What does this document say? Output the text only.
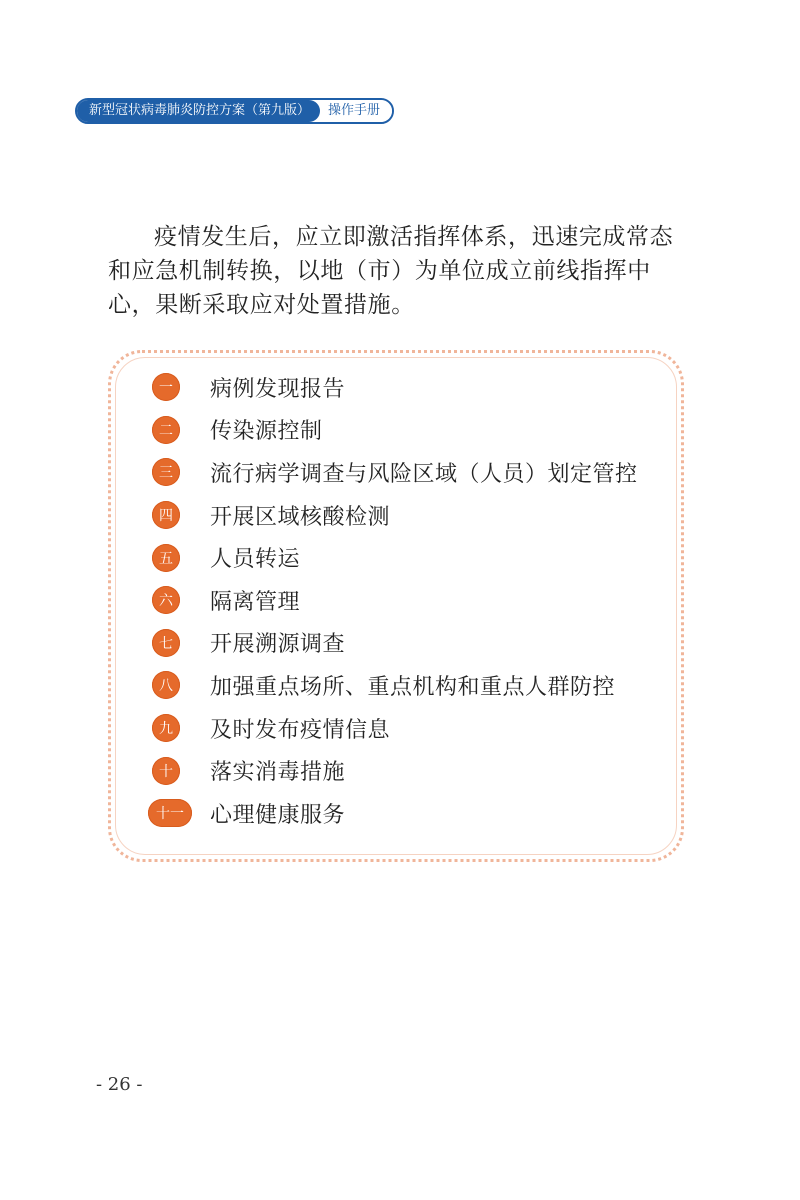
新型冠状病毒肺炎防控方案（第九版）	操作手册

疫情发生后，应立即激活指挥体系，迅速完成常态和应急机制转换，以地（市）为单位成立前线指挥中心，果断采取应对处置措施。

一	病例发现报告
二	传染源控制
三	流行病学调查与风险区域（人员）划定管控
四	开展区域核酸检测
五	人员转运
六	隔离管理
七	开展溯源调查
八	加强重点场所、重点机构和重点人群防控
九	及时发布疫情信息
十	落实消毒措施
十一	心理健康服务
- 26 -
